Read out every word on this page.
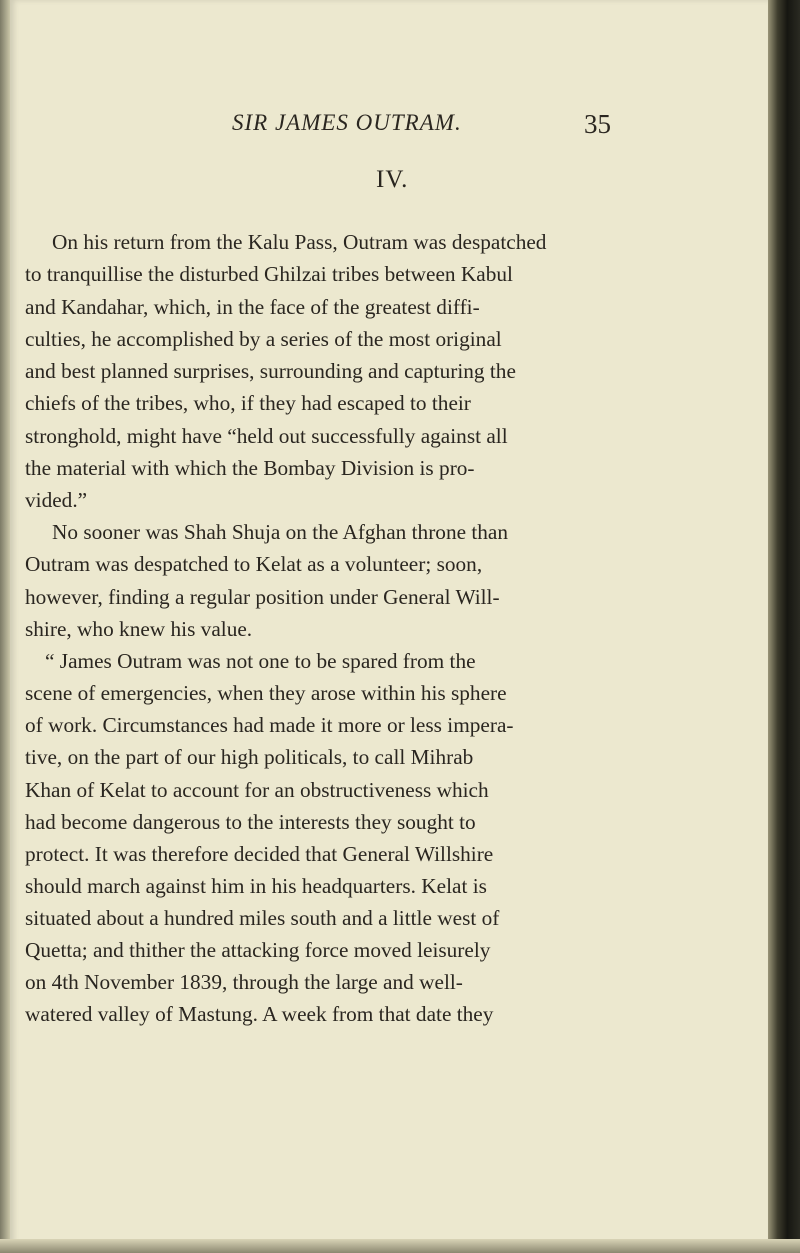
SIR JAMES OUTRAM.	35
IV.
On his return from the Kalu Pass, Outram was despatched
to tranquillise the disturbed Ghilzai tribes between Kabul
and Kandahar, which, in the face of the greatest diffi-
culties, he accomplished by a series of the most original
and best planned surprises, surrounding and capturing the
chiefs of the tribes, who, if they had escaped to their
stronghold, might have “held out successfully against all
the material with which the Bombay Division is pro-
vided.”
No sooner was Shah Shuja on the Afghan throne than
Outram was despatched to Kelat as a volunteer; soon,
however, finding a regular position under General Will-
shire, who knew his value.
“ James Outram was not one to be spared from the
scene of emergencies, when they arose within his sphere
of work. Circumstances had made it more or less impera-
tive, on the part of our high politicals, to call Mihrab
Khan of Kelat to account for an obstructiveness which
had become dangerous to the interests they sought to
protect. It was therefore decided that General Willshire
should march against him in his headquarters. Kelat is
situated about a hundred miles south and a little west of
Quetta; and thither the attacking force moved leisurely
on 4th November 1839, through the large and well-
watered valley of Mastung. A week from that date they
